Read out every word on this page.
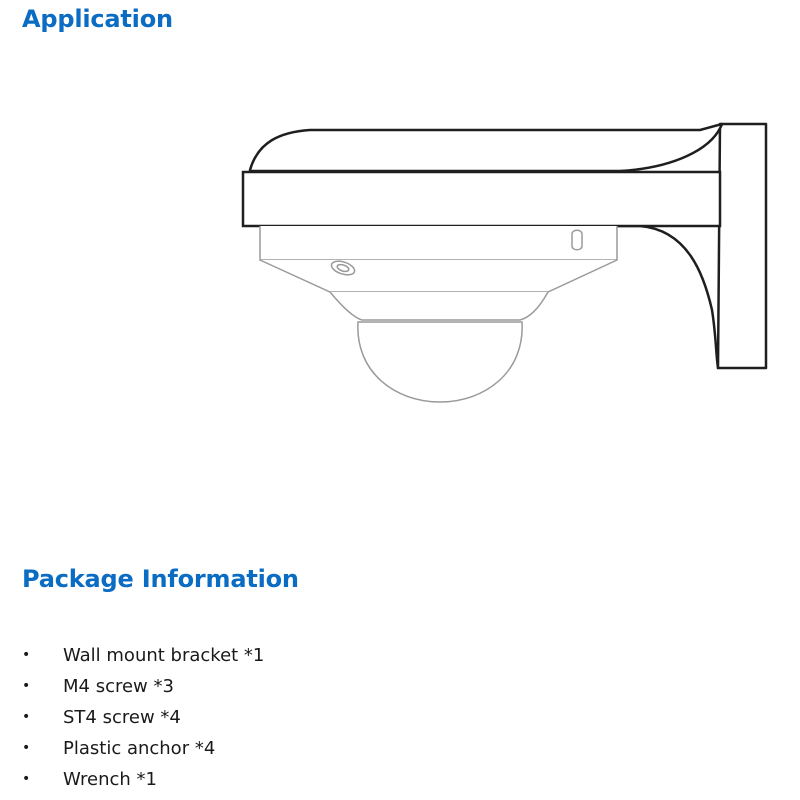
Application
Package Information
• Wall mount bracket *1
• M4 screw *3
• ST4 screw *4
• Plastic anchor *4
• Wrench *1
